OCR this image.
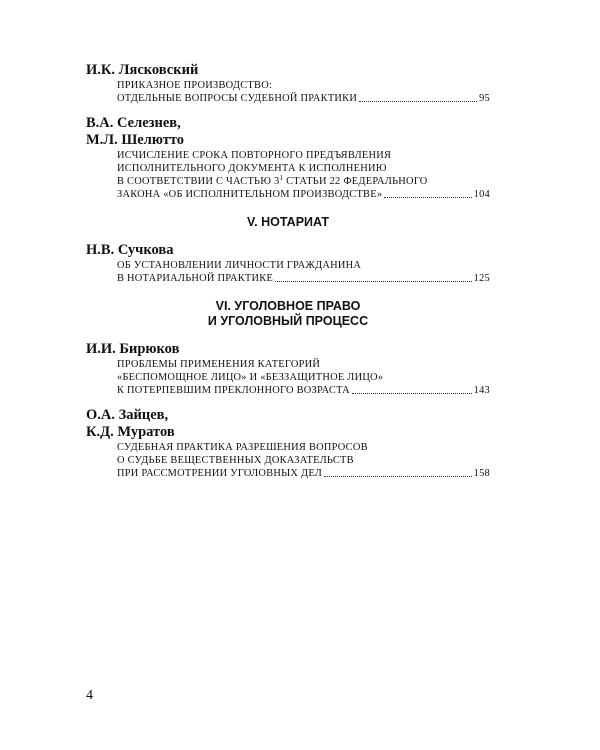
И.К. Лясковский
ПРИКАЗНОЕ ПРОИЗВОДСТВО:
ОТДЕЛЬНЫЕ ВОПРОСЫ СУДЕБНОЙ ПРАКТИКИ	95
В.А. Селезнев,
М.Л. Шелютто
ИСЧИСЛЕНИЕ СРОКА ПОВТОРНОГО ПРЕДЪЯВЛЕНИЯ
ИСПОЛНИТЕЛЬНОГО ДОКУМЕНТА К ИСПОЛНЕНИЮ
В СООТВЕТСТВИИ С ЧАСТЬЮ $3^1$ СТАТЬИ 22 ФЕДЕРАЛЬНОГО
ЗАКОНА «ОБ ИСПОЛНИТЕЛЬНОМ ПРОИЗВОДСТВЕ»	104
V. НОТАРИАТ
Н.В. Сучкова
ОБ УСТАНОВЛЕНИИ ЛИЧНОСТИ ГРАЖДАНИНА
В НОТАРИАЛЬНОЙ ПРАКТИКЕ	125
VI. УГОЛОВНОЕ ПРАВО
И УГОЛОВНЫЙ ПРОЦЕСС
И.И. Бирюков
ПРОБЛЕМЫ ПРИМЕНЕНИЯ КАТЕГОРИЙ
«БЕСПОМОЩНОЕ ЛИЦО» И «БЕЗЗАЩИТНОЕ ЛИЦО»
К ПОТЕРПЕВШИМ ПРЕКЛОННОГО ВОЗРАСТА	143
О.А. Зайцев,
К.Д. Муратов
СУДЕБНАЯ ПРАКТИКА РАЗРЕШЕНИЯ ВОПРОСОВ
О СУДЬБЕ ВЕЩЕСТВЕННЫХ ДОКАЗАТЕЛЬСТВ
ПРИ РАССМОТРЕНИИ УГОЛОВНЫХ ДЕЛ	158
4
